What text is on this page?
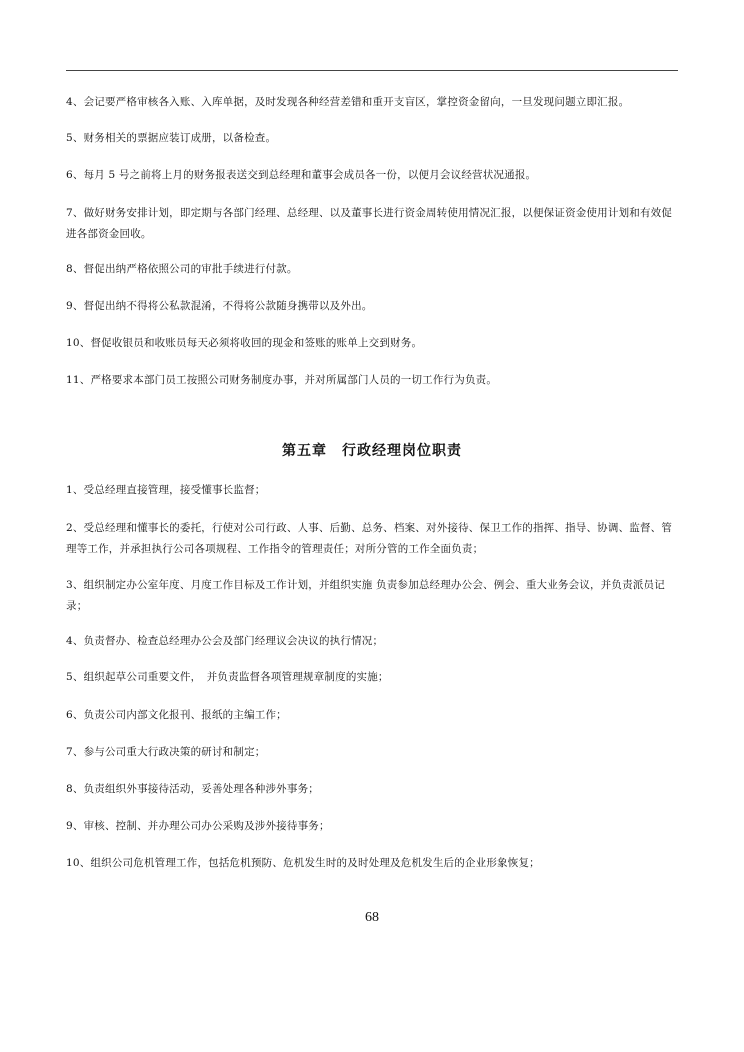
4、会记要严格审核各入账、入库单据，及时发现各种经营差错和重开支盲区，掌控资金留向，一旦发现问题立即汇报。

5、财务相关的票据应装订成册，以备检查。

6、每月 5 号之前将上月的财务报表送交到总经理和董事会成员各一份，以便月会议经营状况通报。

7、做好财务安排计划，即定期与各部门经理、总经理、以及董事长进行资金周转使用情况汇报，以便保证资金使用计划和有效促进各部资金回收。

8、督促出纳严格依照公司的审批手续进行付款。

9、督促出纳不得将公私款混淆，不得将公款随身携带以及外出。

10、督促收银员和收账员每天必须将收回的现金和签账的账单上交到财务。

11、严格要求本部门员工按照公司财务制度办事，并对所属部门人员的一切工作行为负责。

第五章　行政经理岗位职责

1、受总经理直接管理，接受懂事长监督；

2、受总经理和懂事长的委托，行使对公司行政、人事、后勤、总务、档案、对外接待、保卫工作的指挥、指导、协调、监督、管理等工作，并承担执行公司各项规程、工作指令的管理责任；对所分管的工作全面负责；

3、组织制定办公室年度、月度工作目标及工作计划，并组织实施 负责参加总经理办公会、例会、重大业务会议，并负责派员记录；

4、负责督办、检查总经理办公会及部门经理议会决议的执行情况；

5、组织起草公司重要文件，　并负责监督各项管理规章制度的实施；

6、负责公司内部文化报刊、报纸的主编工作；

7、参与公司重大行政决策的研讨和制定；

8、负责组织外事接待活动，妥善处理各种涉外事务；

9、审核、控制、并办理公司办公采购及涉外接待事务；

10、组织公司危机管理工作，包括危机预防、危机发生时的及时处理及危机发生后的企业形象恢复；

68
